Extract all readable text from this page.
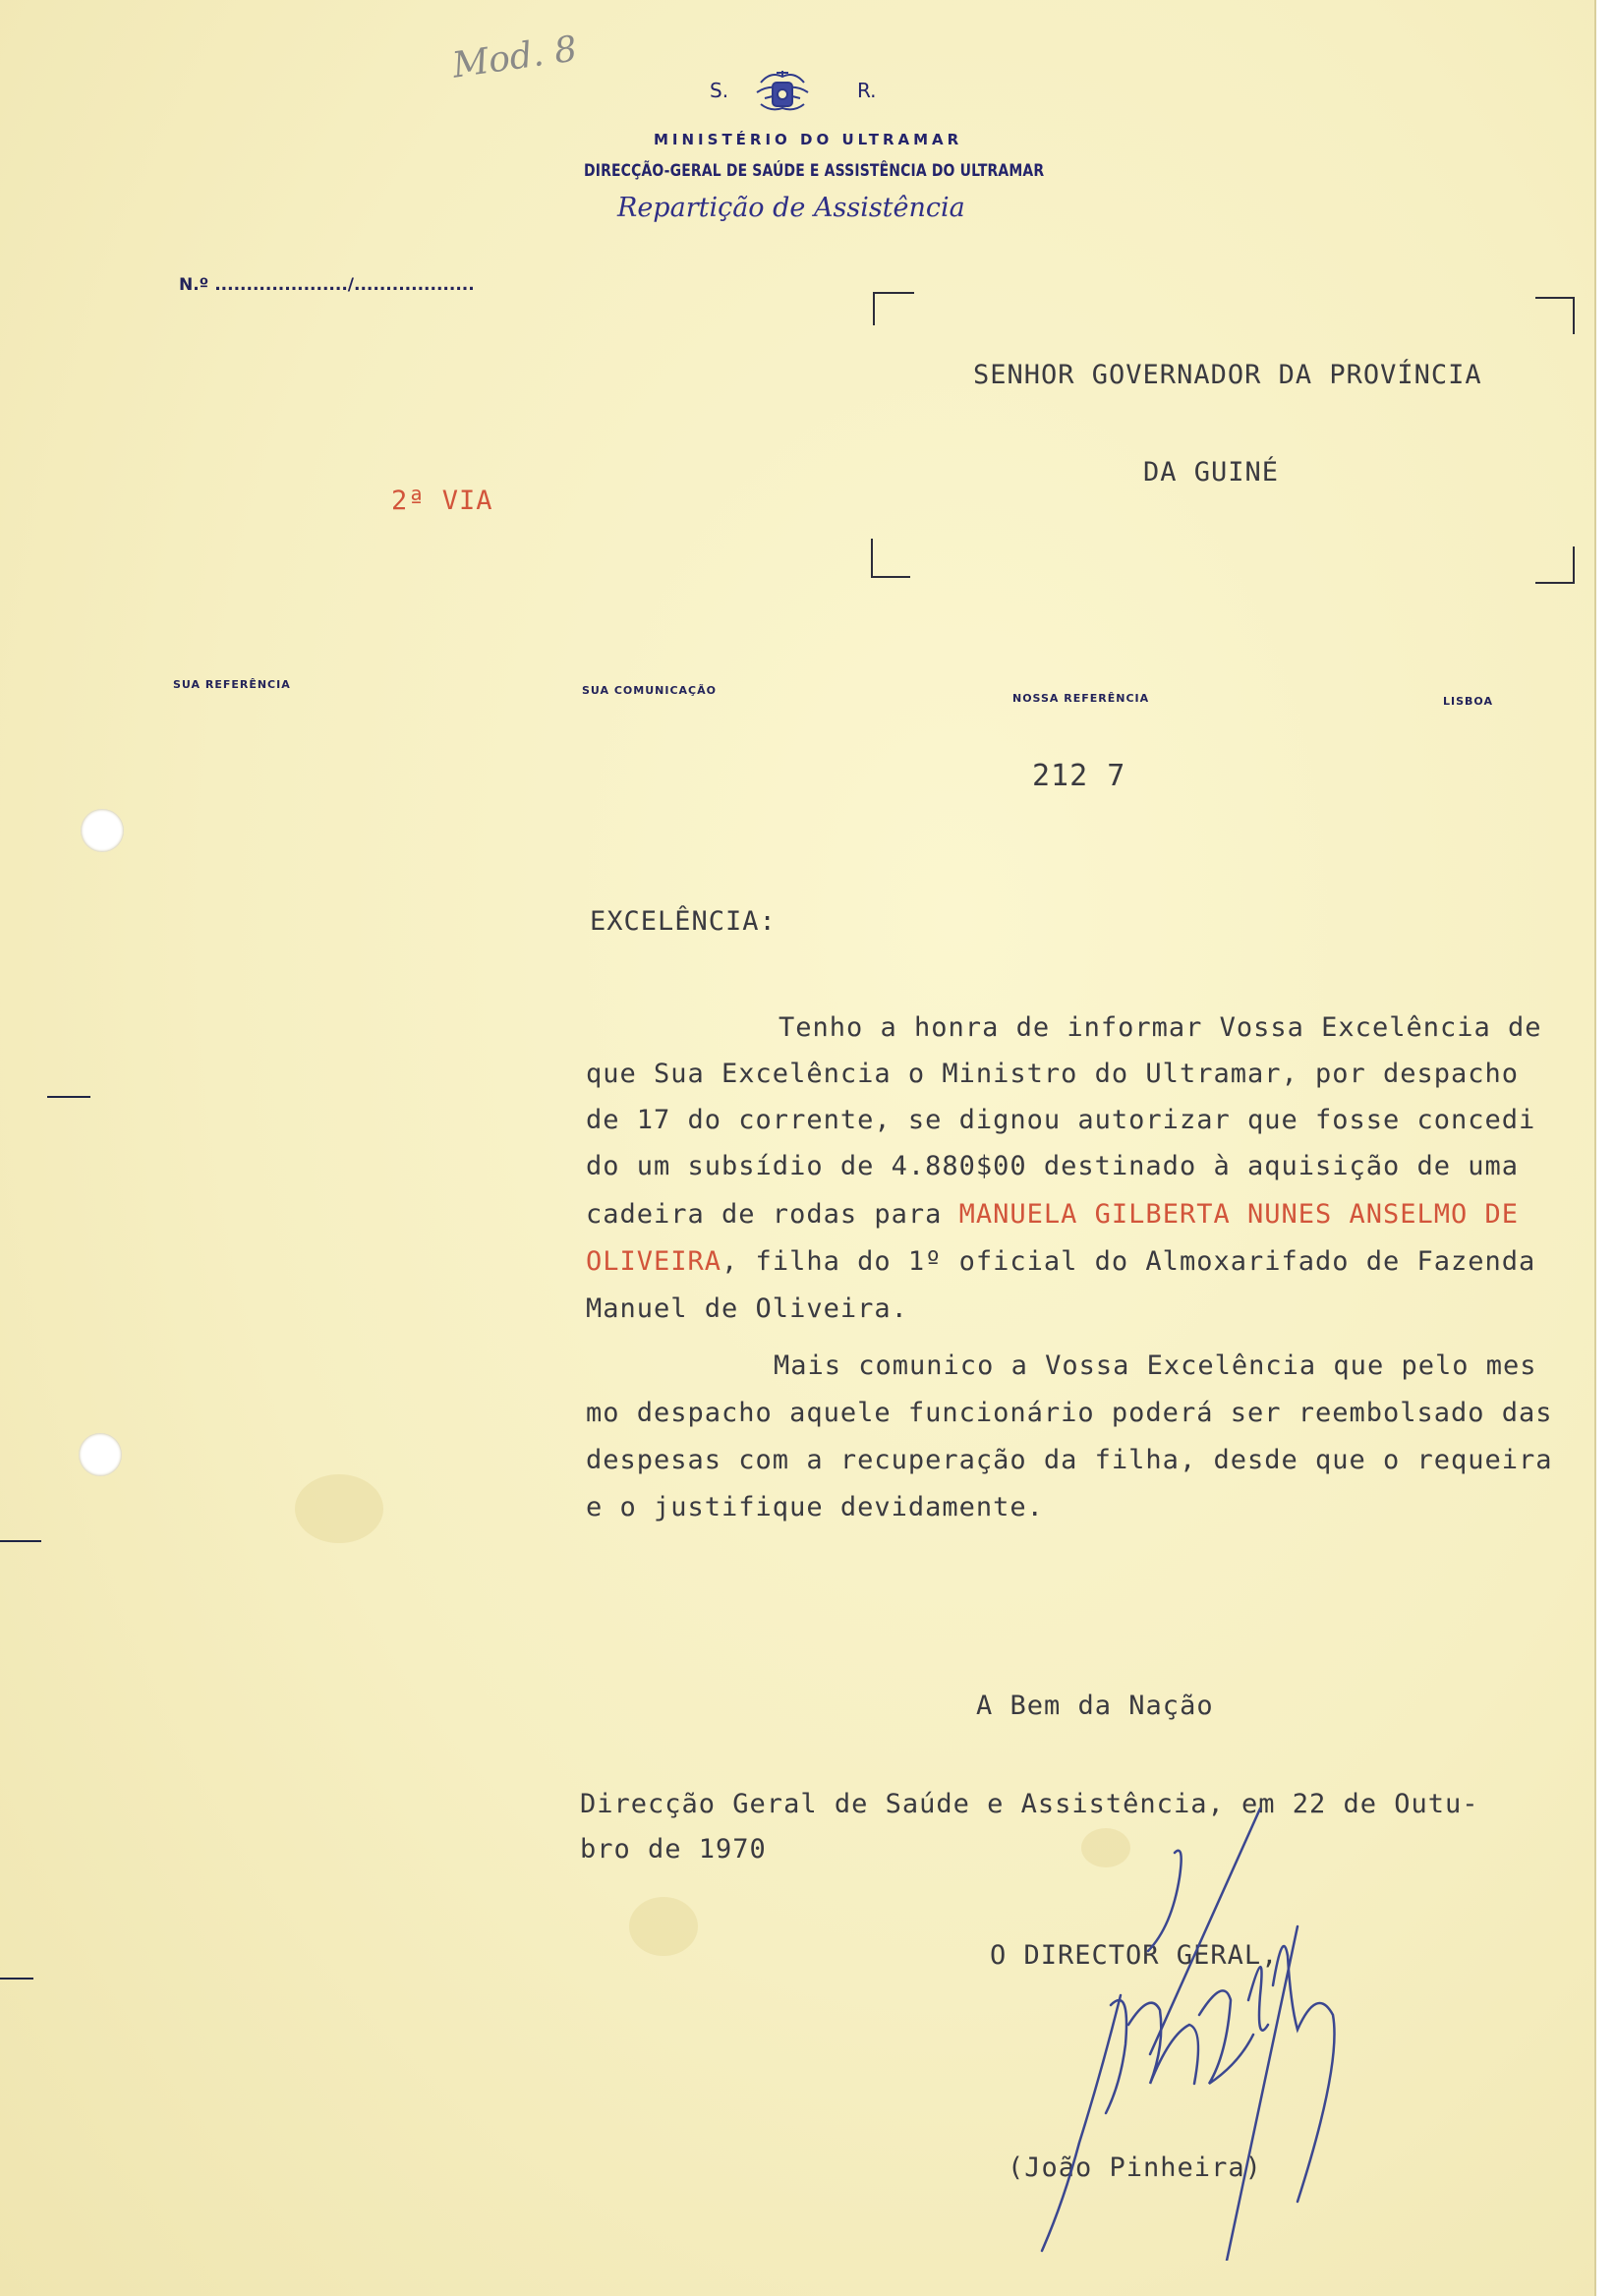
Mod. 8
S.	R.
MINISTÉRIO DO ULTRAMAR
DIRECÇÃO-GERAL DE SAÚDE E ASSISTÊNCIA DO ULTRAMAR
Repartição de Assistência
N.º ...................../...................
SENHOR GOVERNADOR DA PROVÍNCIA
DA GUINÉ
2ª VIA
SUA REFERÊNCIA	SUA COMUNICAÇÃO
NOSSA REFERÊNCIA	LISBOA
212 7
EXCELÊNCIA:
Tenho a honra de informar Vossa Excelência de
que Sua Excelência o Ministro do Ultramar, por despacho
de 17 do corrente, se dignou autorizar que fosse concedi
do um subsídio de 4.880$00 destinado à aquisição de uma
cadeira de rodas para MANUELA GILBERTA NUNES ANSELMO DE
OLIVEIRA, filha do 1º oficial do Almoxarifado de Fazenda
Manuel de Oliveira.
Mais comunico a Vossa Excelência que pelo mes
mo despacho aquele funcionário poderá ser reembolsado das
despesas com a recuperação da filha, desde que o requeira
e o justifique devidamente.
A Bem da Nação
Direcção Geral de Saúde e Assistência, em 22 de Outu-
bro de 1970
O DIRECTOR GERAL,
(João Pinheira)
